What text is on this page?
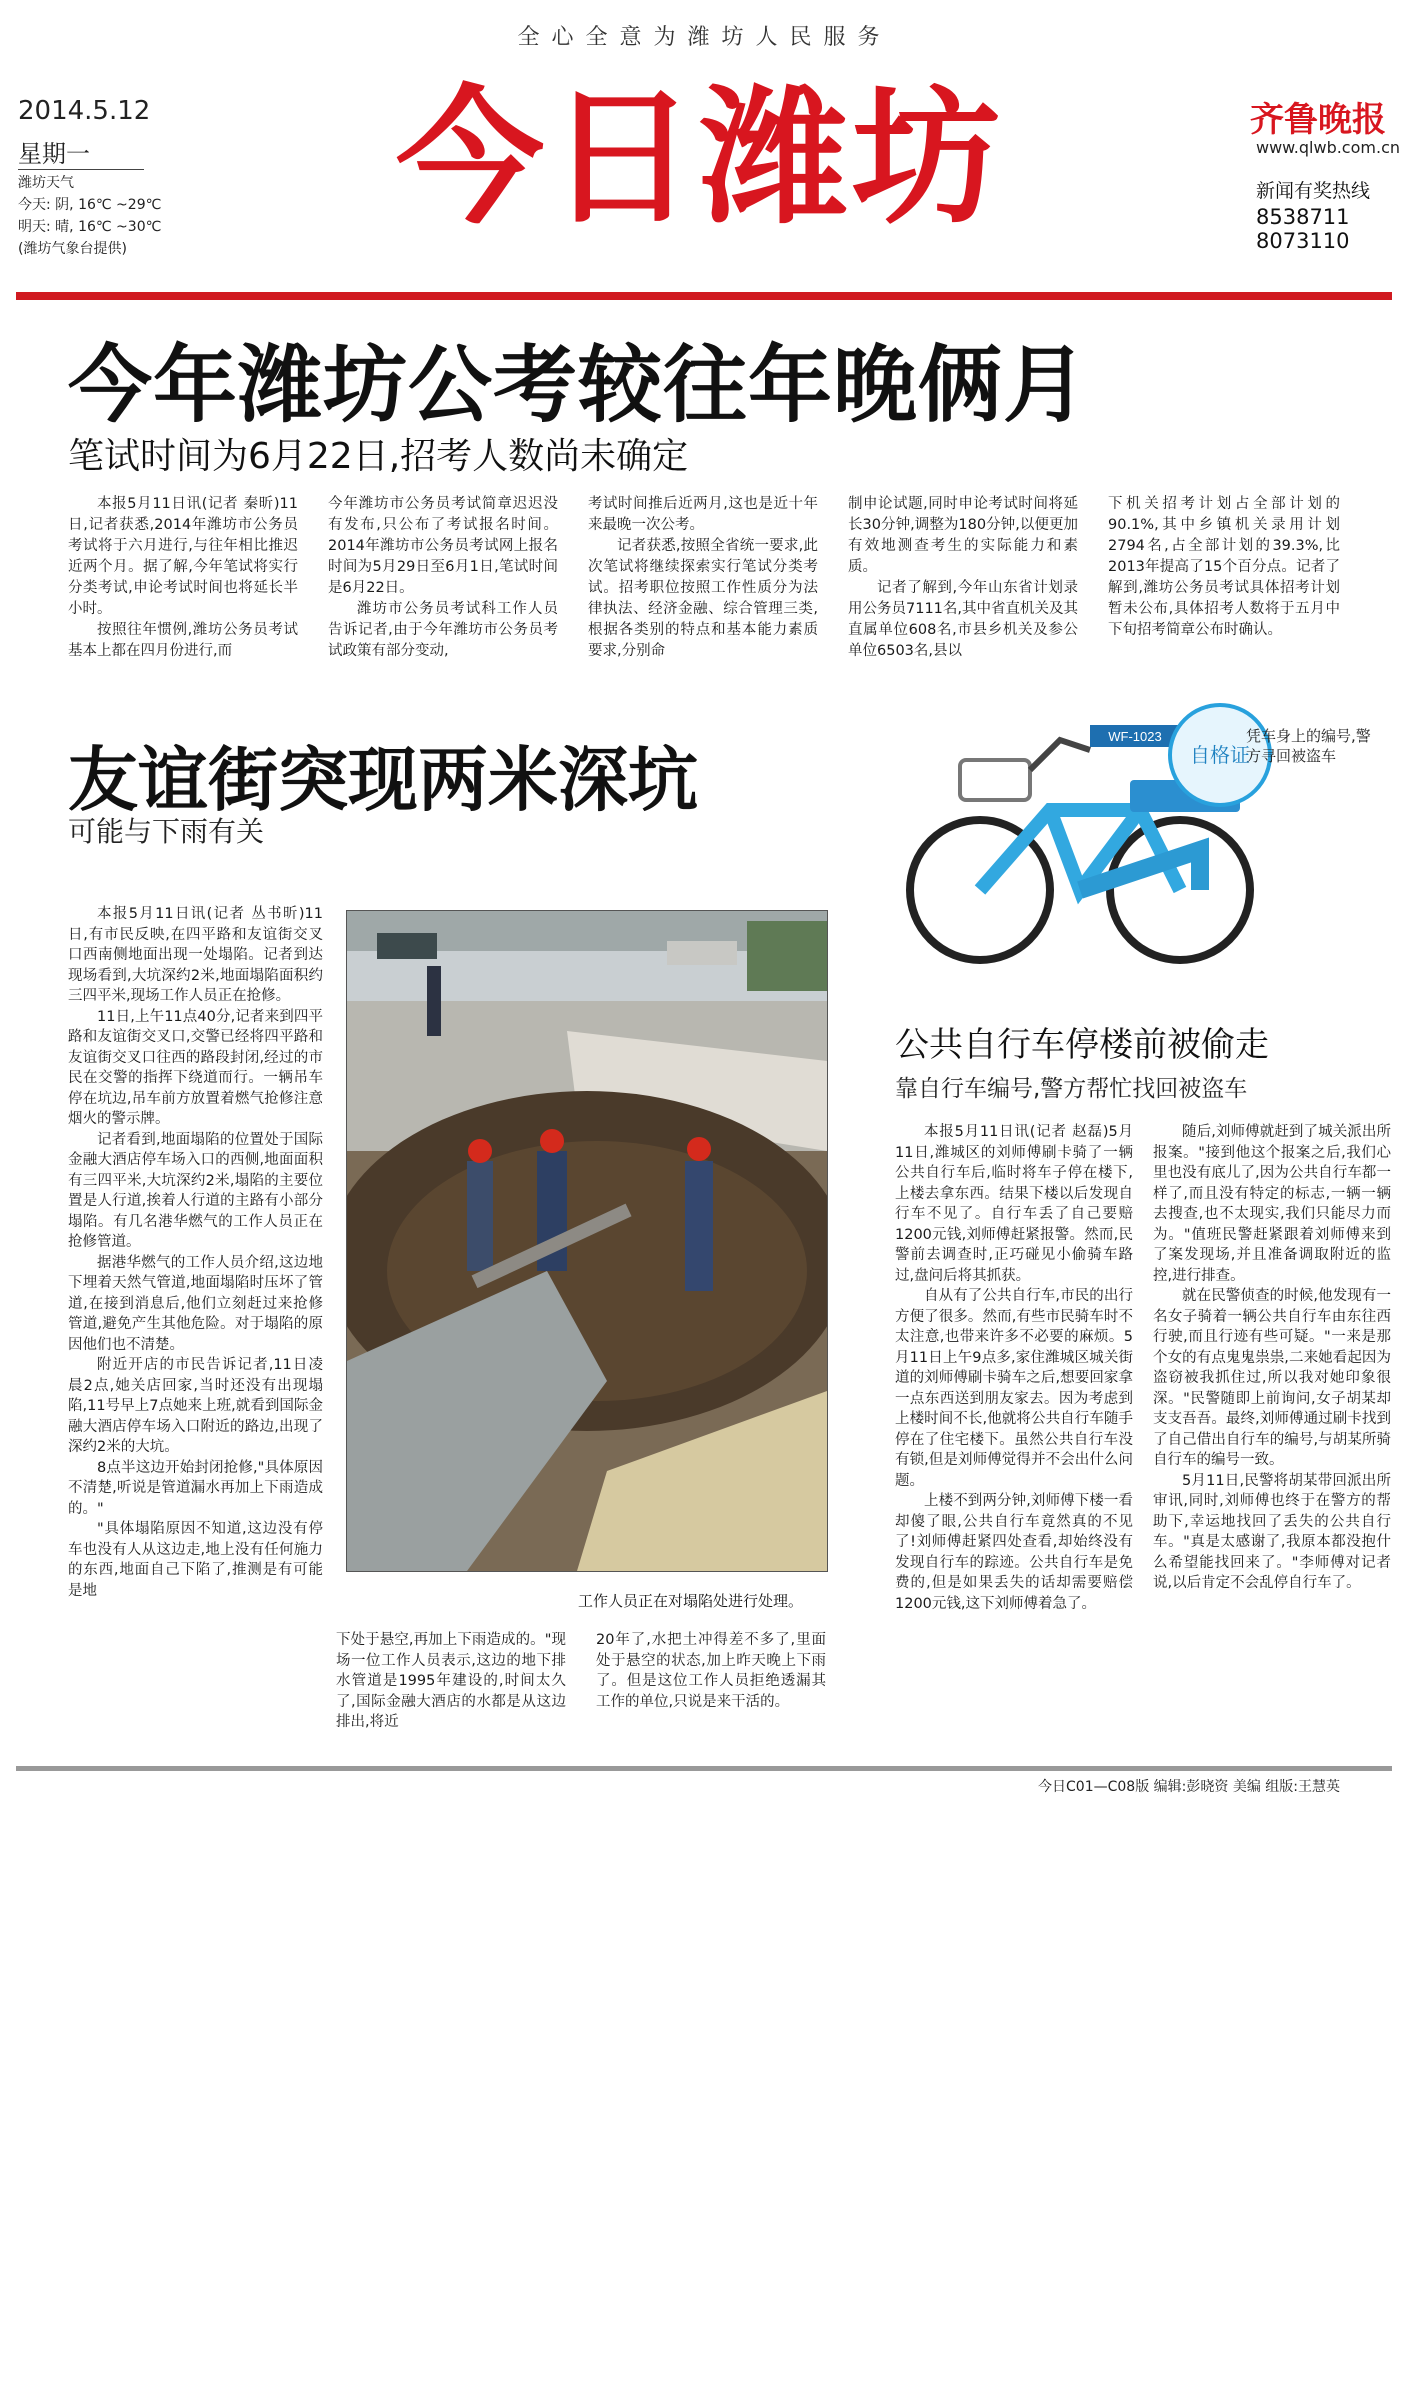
全心全意为潍坊人民服务
2014.5.12
星期一
潍坊天气
今天: 阴, 16℃ ~29℃
明天: 晴, 16℃ ~30℃
(潍坊气象台提供)
今日潍坊	齐鲁晚报
www.qlwb.com.cn
新闻有奖热线
8538711
8073110
今年潍坊公考较往年晚俩月
笔试时间为6月22日,招考人数尚未确定

本报5月11日讯(记者 秦昕)11日,记者获悉,2014年潍坊市公务员考试将于六月进行,与往年相比推迟近两个月。据了解,今年笔试将实行分类考试,申论考试时间也将延长半小时。

按照往年惯例,潍坊公务员考试基本上都在四月份进行,而

今年潍坊市公务员考试简章迟迟没有发布,只公布了考试报名时间。2014年潍坊市公务员考试网上报名时间为5月29日至6月1日,笔试时间是6月22日。

潍坊市公务员考试科工作人员告诉记者,由于今年潍坊市公务员考试政策有部分变动,

考试时间推后近两月,这也是近十年来最晚一次公考。

记者获悉,按照全省统一要求,此次笔试将继续探索实行笔试分类考试。招考职位按照工作性质分为法律执法、经济金融、综合管理三类,根据各类别的特点和基本能力素质要求,分别命

制申论试题,同时申论考试时间将延长30分钟,调整为180分钟,以便更加有效地测查考生的实际能力和素质。

记者了解到,今年山东省计划录用公务员7111名,其中省直机关及其直属单位608名,市县乡机关及参公单位6503名,县以

下机关招考计划占全部计划的90.1%,其中乡镇机关录用计划2794名,占全部计划的39.3%,比2013年提高了15个百分点。记者了解到,潍坊公务员考试具体招考计划暂未公布,具体招考人数将于五月中下旬招考简章公布时确认。

友谊街突现两米深坑
可能与下雨有关

本报5月11日讯(记者 丛书昕)11日,有市民反映,在四平路和友谊街交叉口西南侧地面出现一处塌陷。记者到达现场看到,大坑深约2米,地面塌陷面积约三四平米,现场工作人员正在抢修。

11日,上午11点40分,记者来到四平路和友谊街交叉口,交警已经将四平路和友谊街交叉口往西的路段封闭,经过的市民在交警的指挥下绕道而行。一辆吊车停在坑边,吊车前方放置着燃气抢修注意烟火的警示牌。

记者看到,地面塌陷的位置处于国际金融大酒店停车场入口的西侧,地面面积有三四平米,大坑深约2米,塌陷的主要位置是人行道,挨着人行道的主路有小部分塌陷。有几名港华燃气的工作人员正在抢修管道。

据港华燃气的工作人员介绍,这边地下埋着天然气管道,地面塌陷时压坏了管道,在接到消息后,他们立刻赶过来抢修管道,避免产生其他危险。对于塌陷的原因他们也不清楚。

附近开店的市民告诉记者,11日凌晨2点,她关店回家,当时还没有出现塌陷,11号早上7点她来上班,就看到国际金融大酒店停车场入口附近的路边,出现了深约2米的大坑。

8点半这边开始封闭抢修,"具体原因不清楚,听说是管道漏水再加上下雨造成的。"

"具体塌陷原因不知道,这边没有停车也没有人从这边走,地上没有任何施力的东西,地面自己下陷了,推测是有可能是地

工作人员正在对塌陷处进行处理。

下处于悬空,再加上下雨造成的。"现场一位工作人员表示,这边的地下排水管道是1995年建设的,时间太久了,国际金融大酒店的水都是从这边排出,将近

20年了,水把土冲得差不多了,里面处于悬空的状态,加上昨天晚上下雨了。但是这位工作人员拒绝透漏其工作的单位,只说是来干活的。

WF-1023
自格证
凭车身上的编号,警方寻回被盗车
公共自行车停楼前被偷走
靠自行车编号,警方帮忙找回被盗车

本报5月11日讯(记者 赵磊)5月11日,潍城区的刘师傅刷卡骑了一辆公共自行车后,临时将车子停在楼下,上楼去拿东西。结果下楼以后发现自行车不见了。自行车丢了自己要赔1200元钱,刘师傅赶紧报警。然而,民警前去调查时,正巧碰见小偷骑车路过,盘问后将其抓获。

自从有了公共自行车,市民的出行方便了很多。然而,有些市民骑车时不太注意,也带来许多不必要的麻烦。5月11日上午9点多,家住潍城区城关街道的刘师傅刷卡骑车之后,想要回家拿一点东西送到朋友家去。因为考虑到上楼时间不长,他就将公共自行车随手停在了住宅楼下。虽然公共自行车没有锁,但是刘师傅觉得并不会出什么问题。

上楼不到两分钟,刘师傅下楼一看却傻了眼,公共自行车竟然真的不见了!刘师傅赶紧四处查看,却始终没有发现自行车的踪迹。公共自行车是免费的,但是如果丢失的话却需要赔偿1200元钱,这下刘师傅着急了。

随后,刘师傅就赶到了城关派出所报案。"接到他这个报案之后,我们心里也没有底儿了,因为公共自行车都一样了,而且没有特定的标志,一辆一辆去搜查,也不太现实,我们只能尽力而为。"值班民警赶紧跟着刘师傅来到了案发现场,并且准备调取附近的监控,进行排查。

就在民警侦查的时候,他发现有一名女子骑着一辆公共自行车由东往西行驶,而且行迹有些可疑。"一来是那个女的有点鬼鬼祟祟,二来她看起因为盗窃被我抓住过,所以我对她印象很深。"民警随即上前询问,女子胡某却支支吾吾。最终,刘师傅通过刷卡找到了自己借出自行车的编号,与胡某所骑自行车的编号一致。

5月11日,民警将胡某带回派出所审讯,同时,刘师傅也终于在警方的帮助下,幸运地找回了丢失的公共自行车。"真是太感谢了,我原本都没抱什么希望能找回来了。"李师傅对记者说,以后肯定不会乱停自行车了。

今日C01—C08版 编辑:彭晓资 美编 组版:王慧英
